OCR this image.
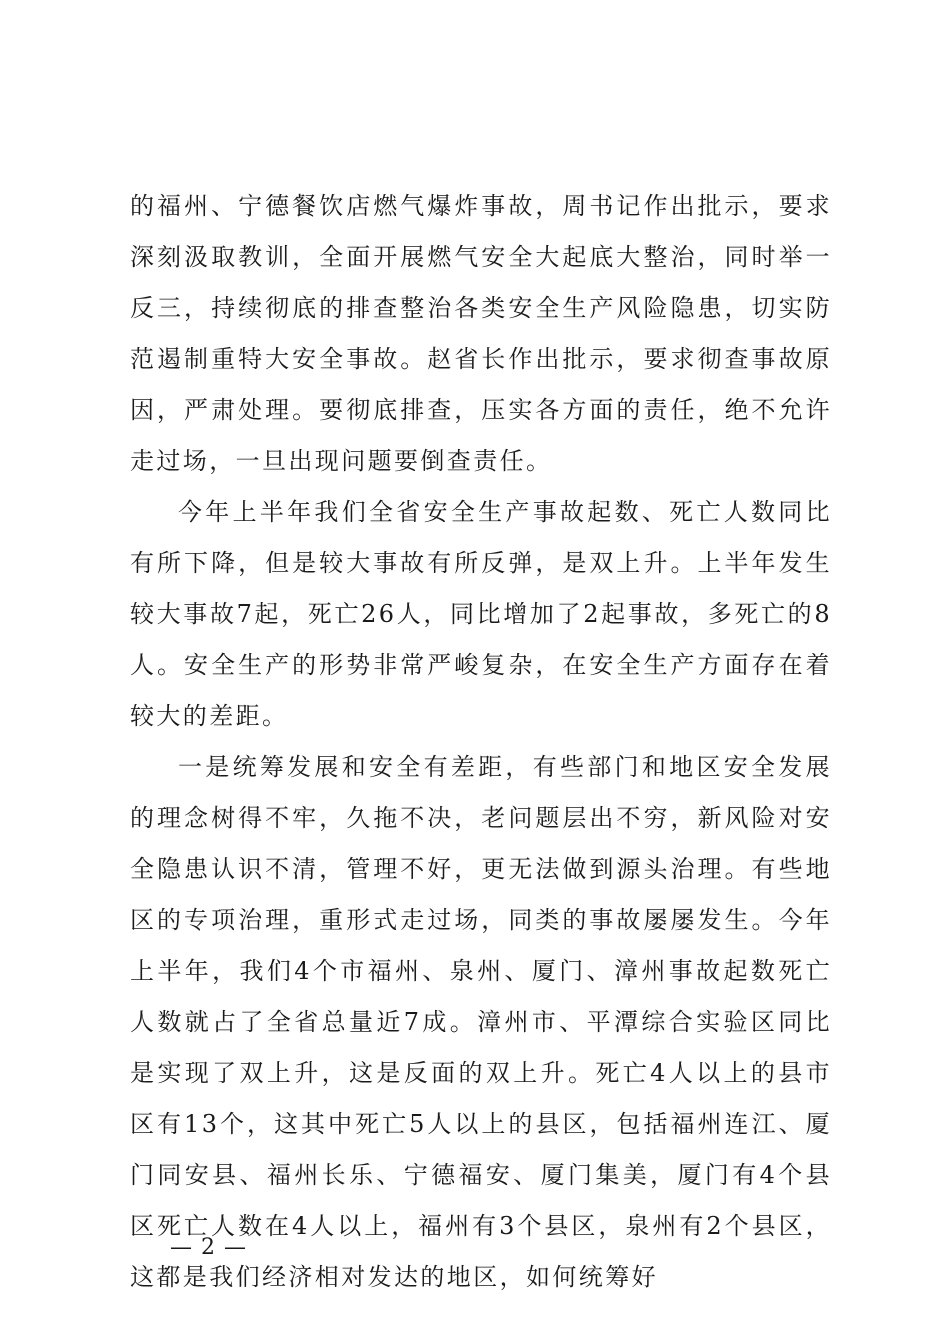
的福州、宁德餐饮店燃气爆炸事故，周书记作出批示，要求深刻汲取教训，全面开展燃气安全大起底大整治，同时举一反三，持续彻底的排查整治各类安全生产风险隐患，切实防范遏制重特大安全事故。赵省长作出批示，要求彻查事故原因，严肃处理。要彻底排查，压实各方面的责任，绝不允许走过场，一旦出现问题要倒查责任。

今年上半年我们全省安全生产事故起数、死亡人数同比有所下降，但是较大事故有所反弹，是双上升。上半年发生较大事故7起，死亡26人，同比增加了2起事故，多死亡的8人。安全生产的形势非常严峻复杂，在安全生产方面存在着较大的差距。

一是统筹发展和安全有差距，有些部门和地区安全发展的理念树得不牢，久拖不决，老问题层出不穷，新风险对安全隐患认识不清，管理不好，更无法做到源头治理。有些地区的专项治理，重形式走过场，同类的事故屡屡发生。今年上半年，我们4个市福州、泉州、厦门、漳州事故起数死亡人数就占了全省总量近7成。漳州市、平潭综合实验区同比是实现了双上升，这是反面的双上升。死亡4人以上的县市区有13个，这其中死亡5人以上的县区，包括福州连江、厦门同安县、福州长乐、宁德福安、厦门集美，厦门有4个县区死亡人数在4人以上，福州有3个县区，泉州有2个县区，这都是我们经济相对发达的地区，如何统筹好

— 2 —
